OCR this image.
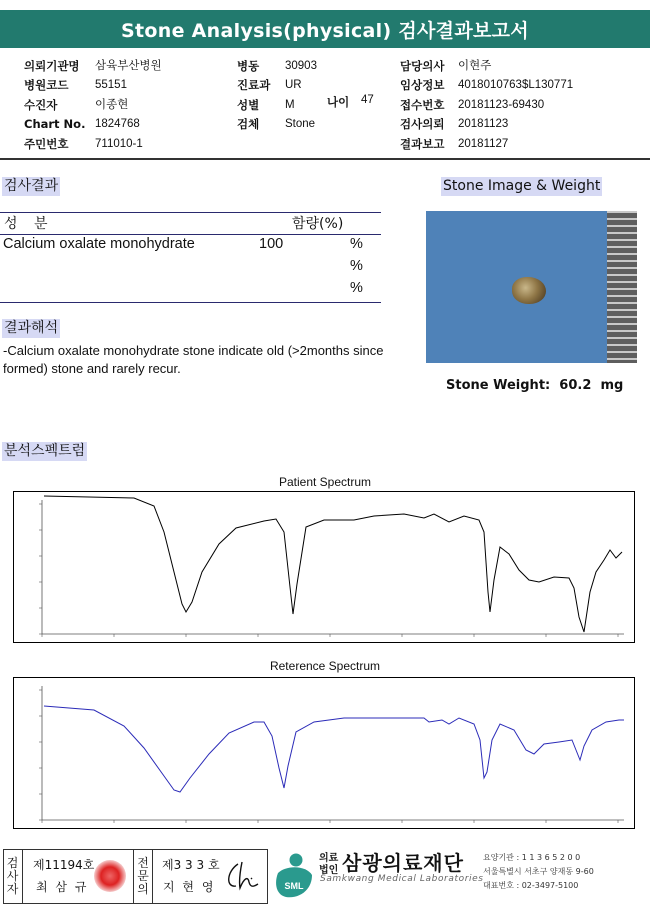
Stone Analysis(physical) 검사결과보고서
의뢰기관명	삼육부산병원
병원코드	55151
수진자	이종현
Chart No. 1824768
주민번호	711010-1
병동	30903
진료과	UR
성별	M
검체	Stone
나이 47
담당의사	이현주
임상정보	4018010763$L130771
접수번호	20181123-69430
검사의뢰	20181123
결과보고	20181127
검사결과
성 분	함량(%)
Calcium oxalate monohydrate	100	%
%
%
결과해석
-Calcium oxalate monohydrate stone indicate old (>2months since formed) stone and rarely recur.
Stone Image & Weight
Stone Weight: 60.2 mg
분석스펙트럼
Patient Spectrum
Reterence Spectrum
검
사
자
제11194호
최 삼 규
전
문
의
제3 3 3 호
지 현 영	SML
의료
법인 삼광의료재단
Samkwang Medical Laboratories
요양기관 : 1 1 3 6 5 2 0 0
서울특별시 서초구 양재동 9-60
대표번호 : 02-3497-5100
